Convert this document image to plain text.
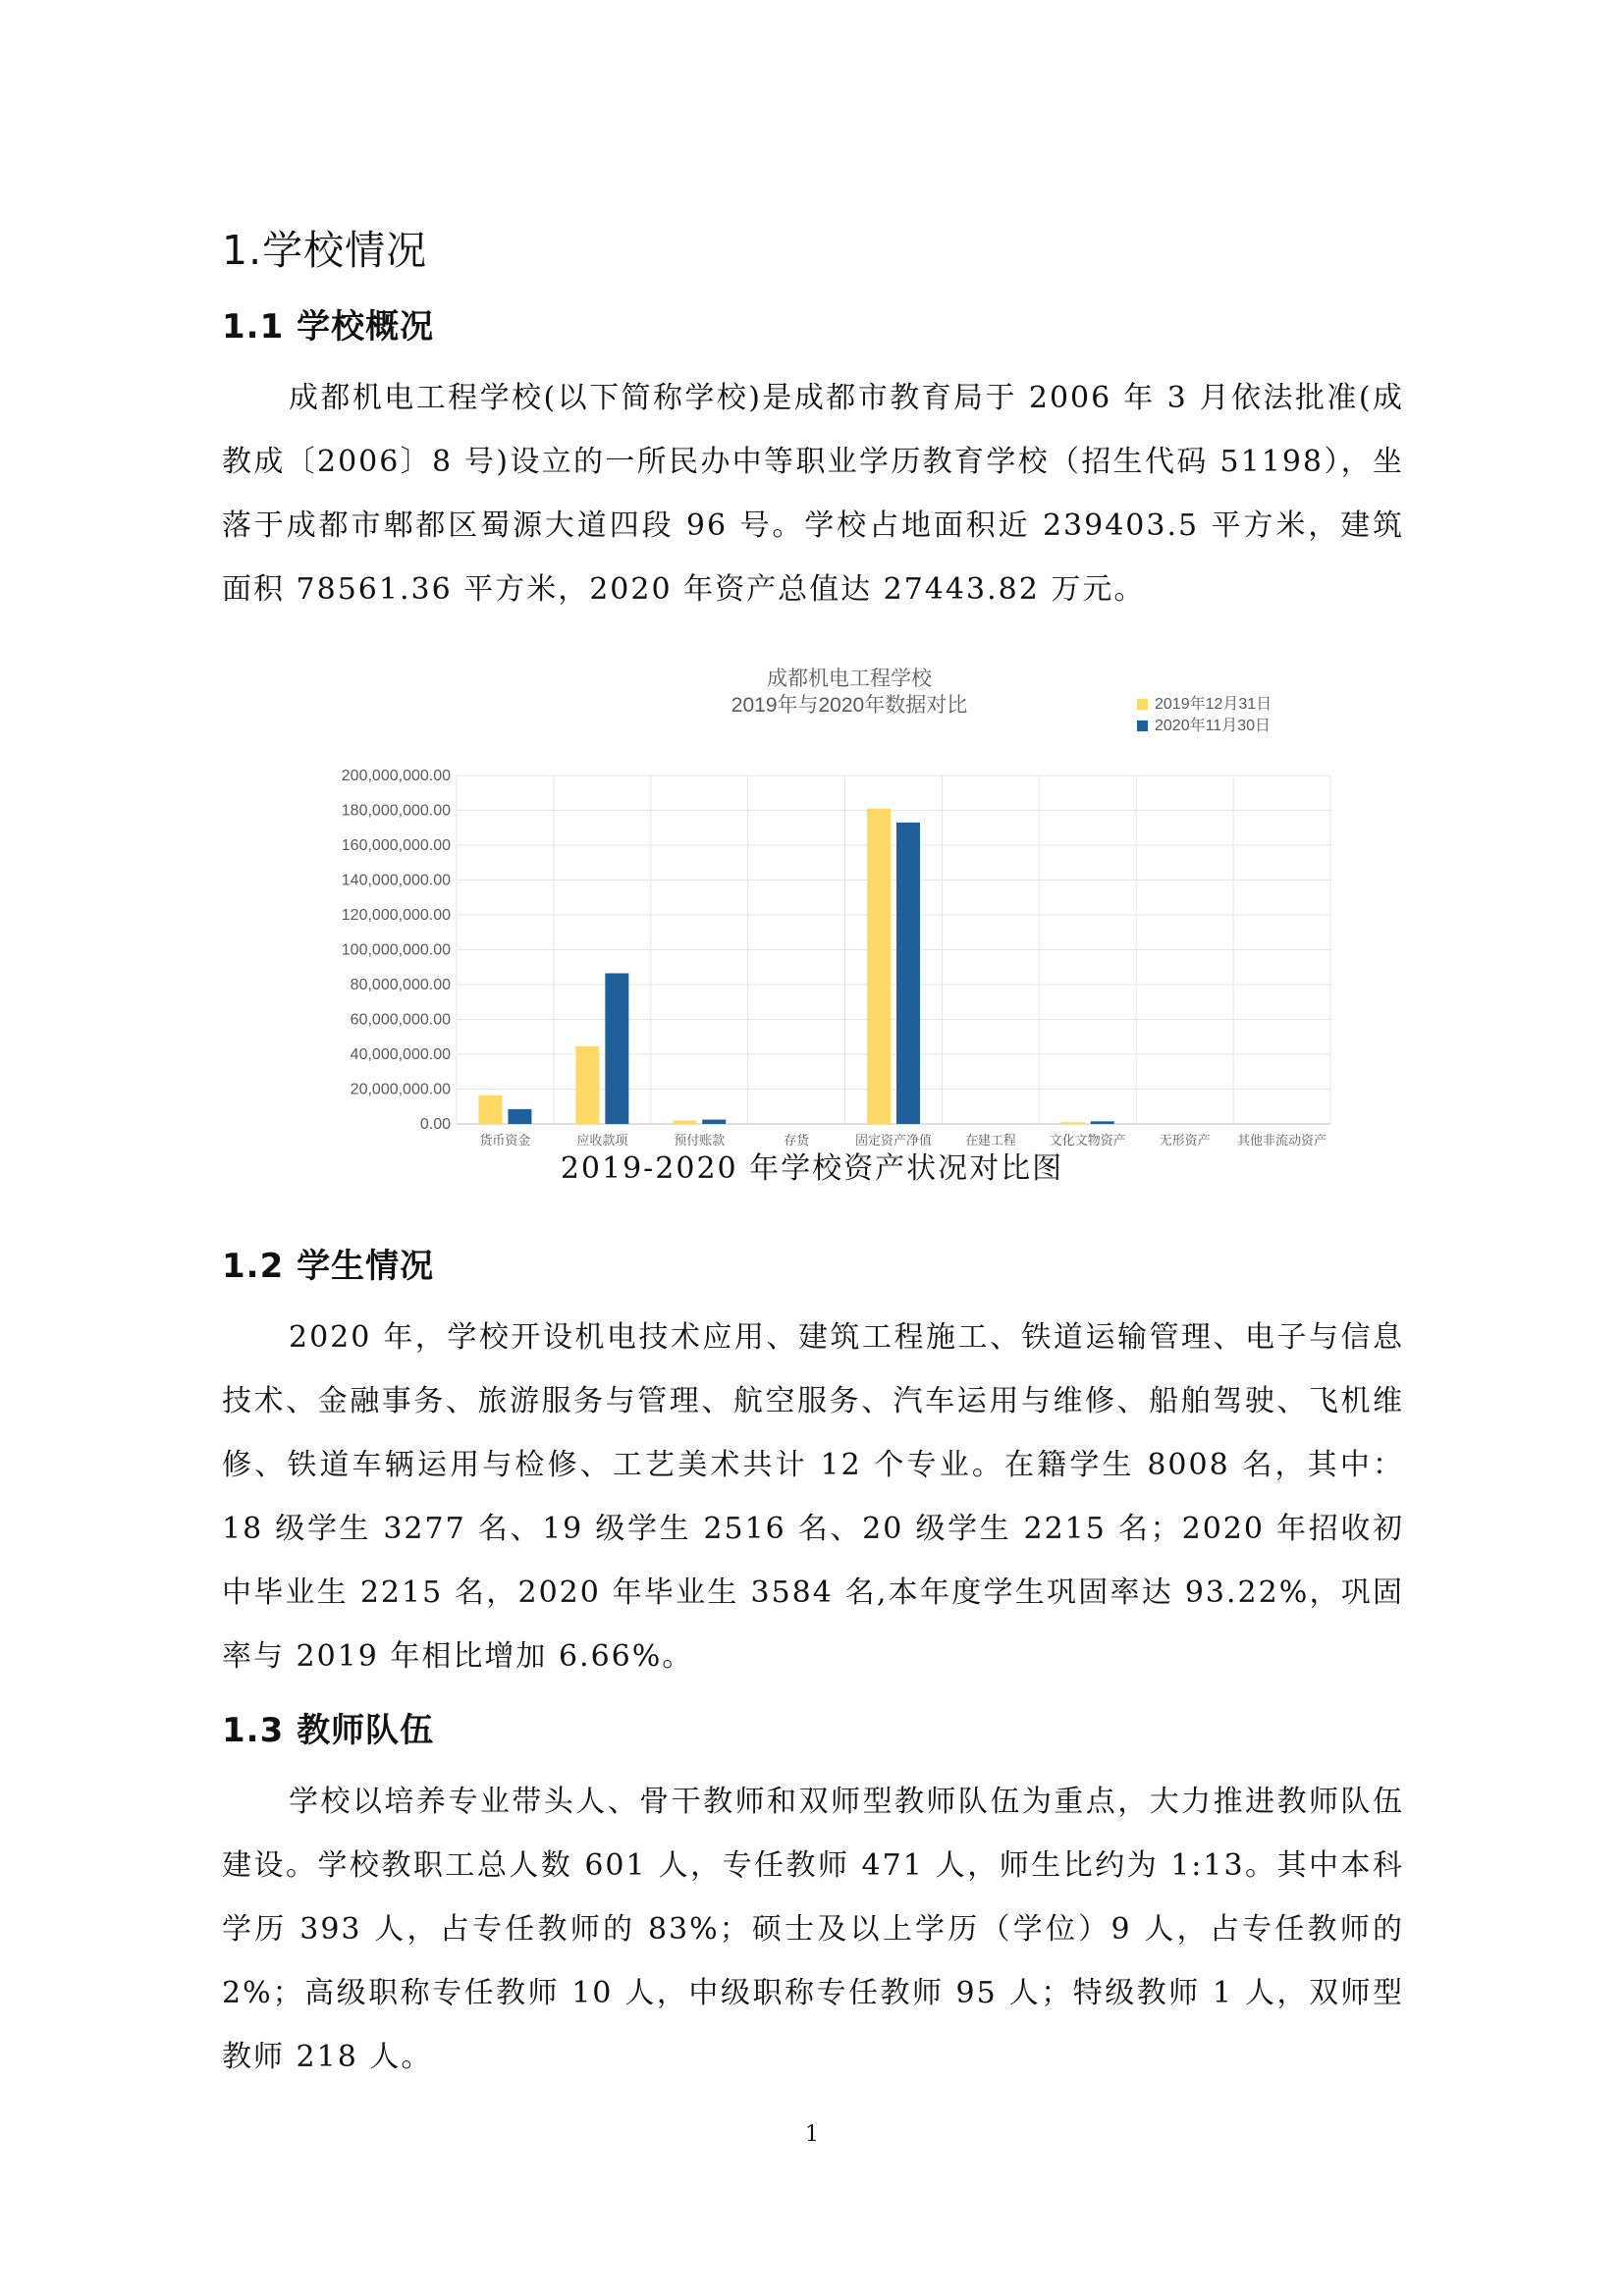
1.学校情况
1.1 学校概况

成都机电工程学校(以下简称学校)是成都市教育局于 2006 年 3 月依法批准(成教成〔2006〕8 号)设立的一所民办中等职业学历教育学校（招生代码 51198），坐落于成都市郫都区蜀源大道四段 96 号。学校占地面积近 239403.5 平方米，建筑面积 78561.36 平方米，2020 年资产总值达 27443.82 万元。

成都机电工程学校
2019年与2020年数据对比	2019年12月31日
2020年11月30日
0.00
20,000,000.00
40,000,000.00
60,000,000.00
80,000,000.00
100,000,000.00
120,000,000.00
140,000,000.00
160,000,000.00
180,000,000.00
200,000,000.00
货币资金	应收款项	预付账款	存货	固定资产净值	在建工程	文化文物资产	无形资产 其他非流动资产
2019-2020 年学校资产状况对比图
1.2 学生情况

2020 年，学校开设机电技术应用、建筑工程施工、铁道运输管理、电子与信息技术、金融事务、旅游服务与管理、航空服务、汽车运用与维修、船舶驾驶、飞机维修、铁道车辆运用与检修、工艺美术共计 12 个专业。在籍学生 8008 名，其中：18 级学生 3277 名、19 级学生 2516 名、20 级学生 2215 名；2020 年招收初中毕业生 2215 名，2020 年毕业生 3584 名,本年度学生巩固率达 93.22%，巩固率与 2019 年相比增加 6.66%。

1.3 教师队伍

学校以培养专业带头人、骨干教师和双师型教师队伍为重点，大力推进教师队伍建设。学校教职工总人数 601 人，专任教师 471 人，师生比约为 1:13。其中本科学历 393 人，占专任教师的 83%；硕士及以上学历（学位）9 人，占专任教师的 2%；高级职称专任教师 10 人，中级职称专任教师 95 人；特级教师 1 人，双师型教师 218 人。

1
